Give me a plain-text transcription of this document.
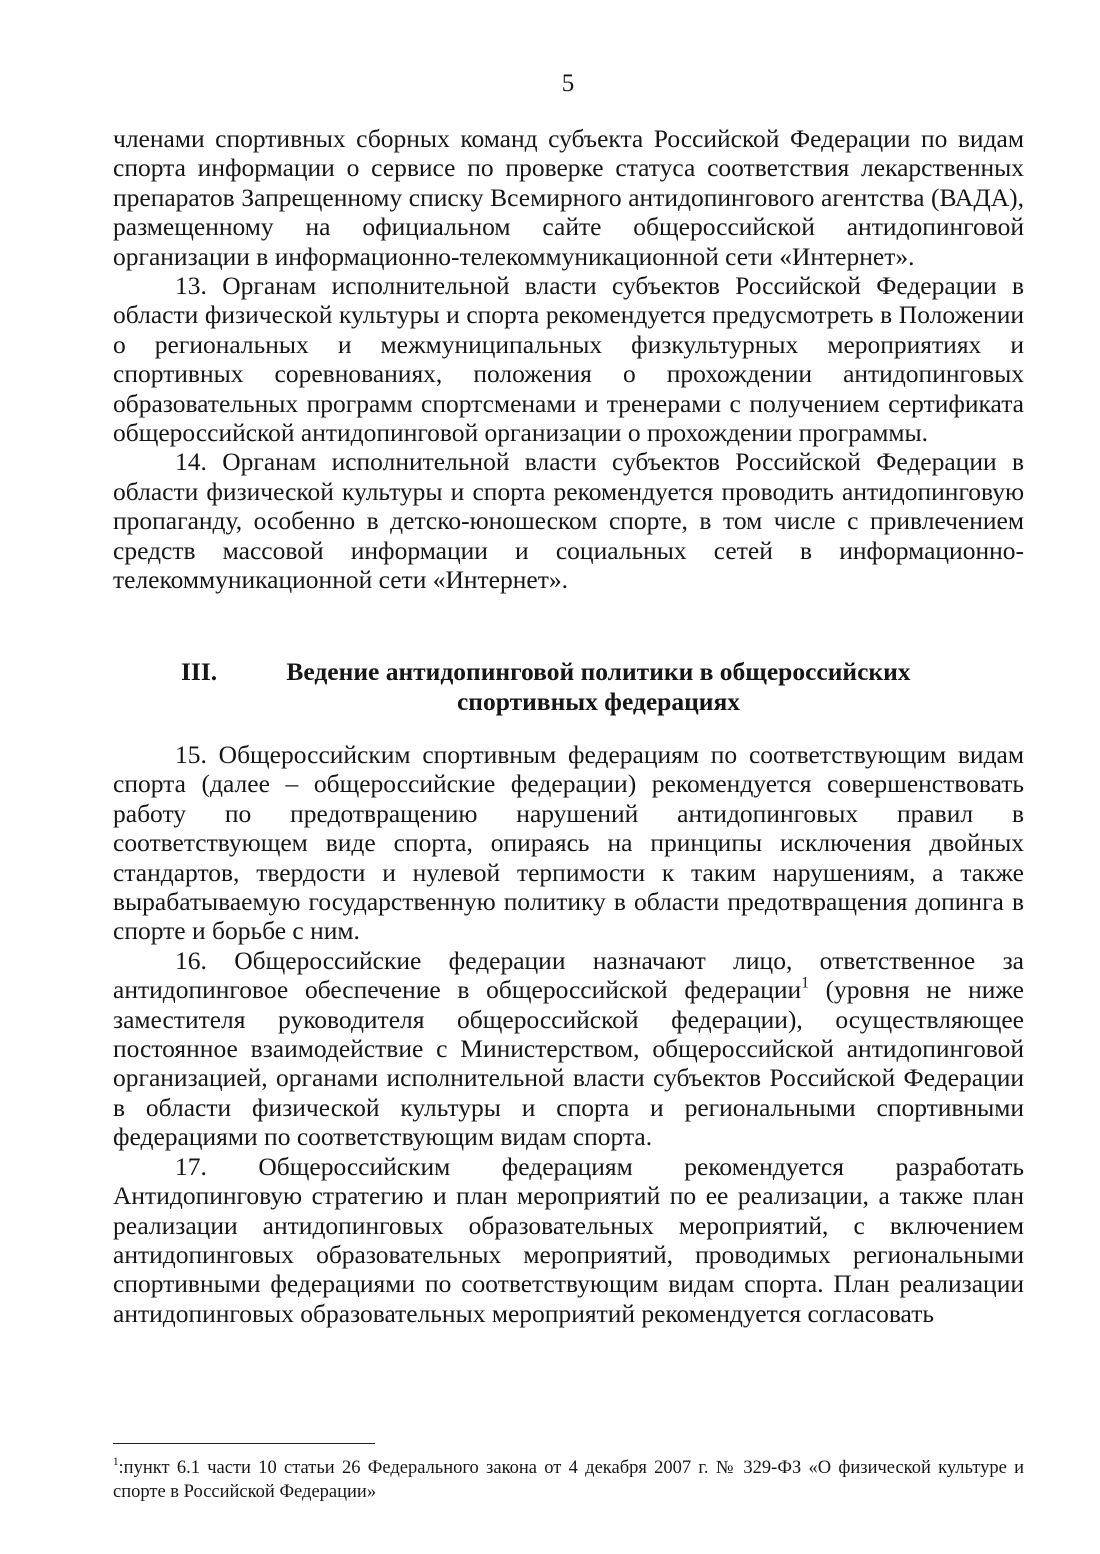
5

членами спортивных сборных команд субъекта Российской Федерации по видам спорта информации о сервисе по проверке статуса соответствия лекарственных препаратов Запрещенному списку Всемирного антидопингового агентства (ВАДА), размещенному на официальном сайте общероссийской антидопинговой организации в информационно-телекоммуникационной сети «Интернет».

13. Органам исполнительной власти субъектов Российской Федерации в области физической культуры и спорта рекомендуется предусмотреть в Положении о региональных и межмуниципальных физкультурных мероприятиях и спортивных соревнованиях, положения о прохождении антидопинговых образовательных программ спортсменами и тренерами с получением сертификата общероссийской антидопинговой организации о прохождении программы.

14. Органам исполнительной власти субъектов Российской Федерации в области физической культуры и спорта рекомендуется проводить антидопинговую пропаганду, особенно в детско-юношеском спорте, в том числе с привлечением средств массовой информации и социальных сетей в информационно-телекоммуникационной сети «Интернет».

III.	Ведение антидопинговой политики в общероссийских
спортивных федерациях

15. Общероссийским спортивным федерациям по соответствующим видам спорта (далее – общероссийские федерации) рекомендуется совершенствовать работу по предотвращению нарушений антидопинговых правил в соответствующем виде спорта, опираясь на принципы исключения двойных стандартов, твердости и нулевой терпимости к таким нарушениям, а также вырабатываемую государственную политику в области предотвращения допинга в спорте и борьбе с ним.

16. Общероссийские федерации назначают лицо, ответственное за антидопинговое обеспечение в общероссийской федерации$^1$ (уровня не ниже заместителя руководителя общероссийской федерации), осуществляющее постоянное взаимодействие с Министерством, общероссийской антидопинговой организацией, органами исполнительной власти субъектов Российской Федерации в области физической культуры и спорта и региональными спортивными федерациями по соответствующим видам спорта.

17. Общероссийским федерациям рекомендуется разработать Антидопинговую стратегию и план мероприятий по ее реализации, а также план реализации антидопинговых образовательных мероприятий, с включением антидопинговых образовательных мероприятий, проводимых региональными спортивными федерациями по соответствующим видам спорта. План реализации антидопинговых образовательных мероприятий рекомендуется согласовать

$^1$:пункт 6.1 части 10 статьи 26 Федерального закона от 4 декабря 2007 г. № 329-ФЗ «О физической культуре и спорте в Российской Федерации»
